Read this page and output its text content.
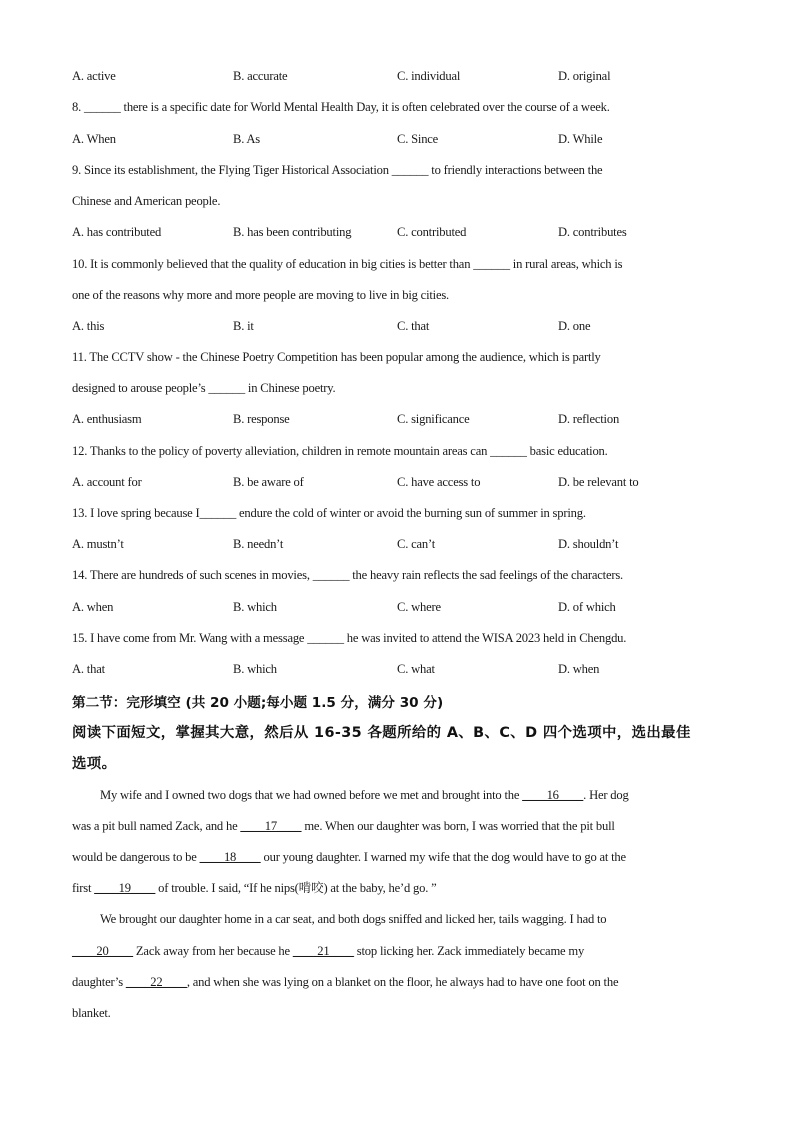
A. active	B. accurate	C. individual	D. original
8. ______ there is a specific date for World Mental Health Day, it is often celebrated over the course of a week.
A. When	B. As	C. Since	D. While
9. Since its establishment, the Flying Tiger Historical Association ______ to friendly interactions between the
Chinese and American people.
A. has contributed	B. has been contributing	C. contributed	D. contributes
10. It is commonly believed that the quality of education in big cities is better than ______ in rural areas, which is
one of the reasons why more and more people are moving to live in big cities.
A. this	B. it	C. that	D. one
11. The CCTV show - the Chinese Poetry Competition has been popular among the audience, which is partly
designed to arouse people’s ______ in Chinese poetry.
A. enthusiasm	B. response	C. significance	D. reflection
12. Thanks to the policy of poverty alleviation, children in remote mountain areas can ______ basic education.
A. account for	B. be aware of	C. have access to	D. be relevant to
13. I love spring because I______ endure the cold of winter or avoid the burning sun of summer in spring.
A. mustn’t	B. needn’t	C. can’t	D. shouldn’t
14. There are hundreds of such scenes in movies, ______ the heavy rain reflects the sad feelings of the characters.
A. when	B. which	C. where	D. of which
15. I have come from Mr. Wang with a message ______ he was invited to attend the WISA 2023 held in Chengdu.
A. that	B. which	C. what	D. when
第二节：完形填空 (共 20 小题;每小题 1.5 分，满分 30 分)
阅读下面短文，掌握其大意，然后从 16-35 各题所给的 A、B、C、D 四个选项中，选出最佳
选项。
My wife and I owned two dogs that we had owned before we met and brought into the ____16____. Her dog
was a pit bull named Zack, and he ____17____ me. When our daughter was born, I was worried that the pit bull
would be dangerous to be ____18____ our young daughter. I warned my wife that the dog would have to go at the
first ____19____ of trouble. I said, “If he nips(啃咬) at the baby, he’d go. ”
We brought our daughter home in a car seat, and both dogs sniffed and licked her, tails wagging. I had to
____20____ Zack away from her because he ____21____ stop licking her. Zack immediately became my
daughter’s ____22____, and when she was lying on a blanket on the floor, he always had to have one foot on the
blanket.
